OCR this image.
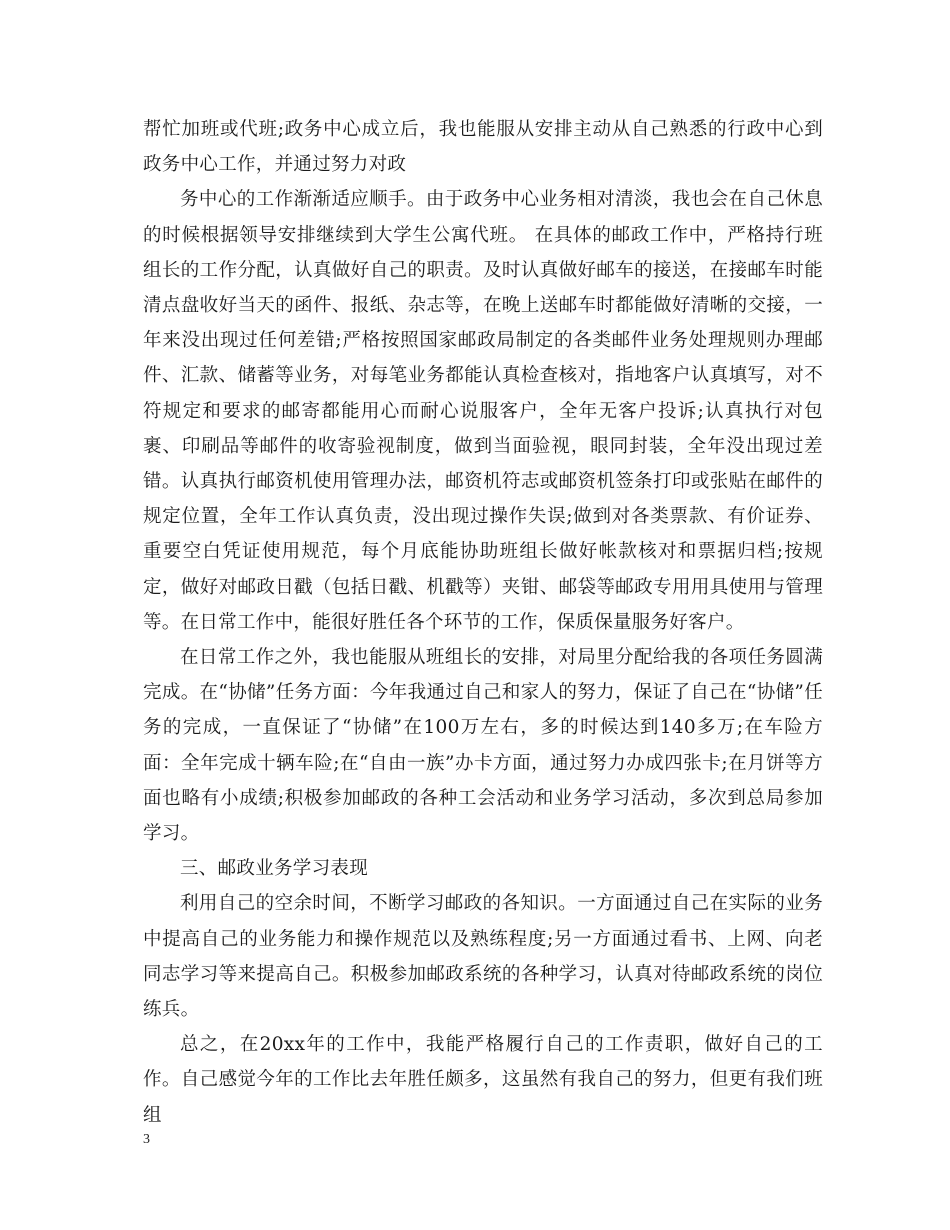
帮忙加班或代班;政务中心成立后，我也能服从安排主动从自己熟悉的行政中心到政务中心工作，并通过努力对政

务中心的工作渐渐适应顺手。由于政务中心业务相对清淡，我也会在自己休息的时候根据领导安排继续到大学生公寓代班。 在具体的邮政工作中，严格持行班组长的工作分配，认真做好自己的职责。及时认真做好邮车的接送，在接邮车时能清点盘收好当天的函件、报纸、杂志等，在晚上送邮车时都能做好清晰的交接，一年来没出现过任何差错;严格按照国家邮政局制定的各类邮件业务处理规则办理邮件、汇款、储蓄等业务，对每笔业务都能认真检查核对，指地客户认真填写，对不符规定和要求的邮寄都能用心而耐心说服客户，全年无客户投诉;认真执行对包裹、印刷品等邮件的收寄验视制度，做到当面验视，眼同封装，全年没出现过差错。认真执行邮资机使用管理办法，邮资机符志或邮资机签条打印或张贴在邮件的规定位置，全年工作认真负责，没出现过操作失误;做到对各类票款、有价证券、重要空白凭证使用规范，每个月底能协助班组长做好帐款核对和票据归档;按规定，做好对邮政日戳（包括日戳、机戳等）夹钳、邮袋等邮政专用用具使用与管理等。在日常工作中，能很好胜任各个环节的工作，保质保量服务好客户。

在日常工作之外，我也能服从班组长的安排，对局里分配给我的各项任务圆满完成。在“协储”任务方面：今年我通过自己和家人的努力，保证了自己在“协储”任务的完成，一直保证了“协储”在100万左右，多的时候达到140多万;在车险方面：全年完成十辆车险;在“自由一族”办卡方面，通过努力办成四张卡;在月饼等方面也略有小成绩;积极参加邮政的各种工会活动和业务学习活动，多次到总局参加学习。

三、邮政业务学习表现

利用自己的空余时间，不断学习邮政的各知识。一方面通过自己在实际的业务中提高自己的业务能力和操作规范以及熟练程度;另一方面通过看书、上网、向老同志学习等来提高自己。积极参加邮政系统的各种学习，认真对待邮政系统的岗位练兵。

总之，在20xx年的工作中，我能严格履行自己的工作责职，做好自己的工作。自己感觉今年的工作比去年胜任颇多，这虽然有我自己的努力，但更有我们班组

3
